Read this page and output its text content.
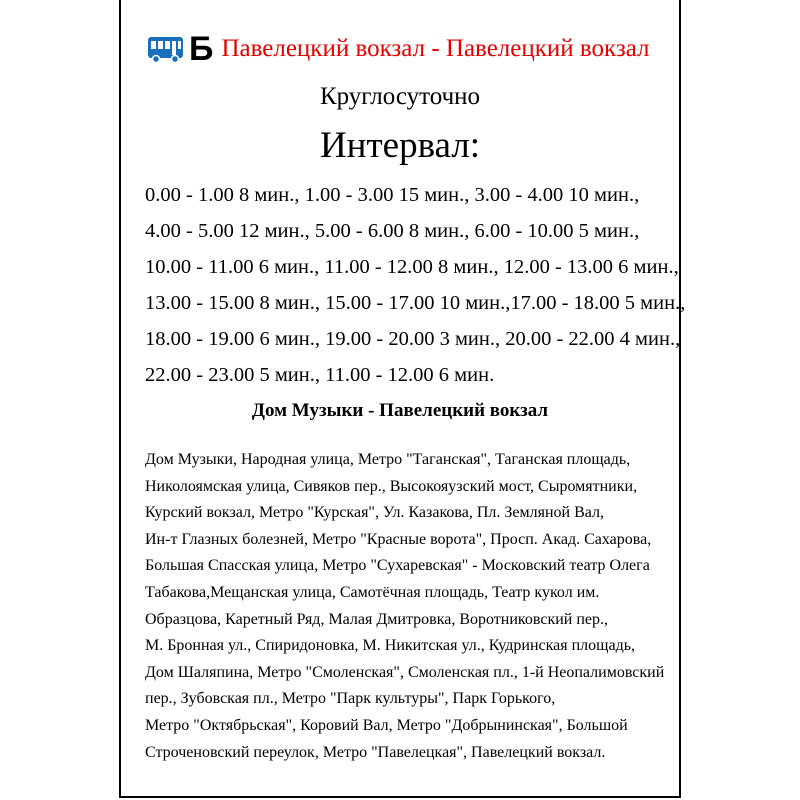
Б Павелецкий вокзал - Павелецкий вокзал
Круглосуточно
Интервал:
0.00 - 1.00 8 мин., 1.00 - 3.00 15 мин., 3.00 - 4.00 10 мин.,
4.00 - 5.00 12 мин., 5.00 - 6.00 8 мин., 6.00 - 10.00 5 мин.,
10.00 - 11.00 6 мин., 11.00 - 12.00 8 мин., 12.00 - 13.00 6 мин.,
13.00 - 15.00 8 мин., 15.00 - 17.00 10 мин.,17.00 - 18.00 5 мин.,
18.00 - 19.00 6 мин., 19.00 - 20.00 3 мин., 20.00 - 22.00 4 мин.,
22.00 - 23.00 5 мин., 11.00 - 12.00 6 мин.
Дом Музыки - Павелецкий вокзал
Дом Музыки, Народная улица, Метро "Таганская", Таганская площадь,
Николоямская улица, Сивяков пер., Высокояузский мост, Сыромятники,
Курский вокзал, Метро "Курская", Ул. Казакова, Пл. Земляной Вал,
Ин-т Глазных болезней, Метро "Красные ворота", Просп. Акад. Сахарова,
Большая Спасская улица, Метро "Сухаревская" - Московский театр Олега
Табакова,Мещанская улица, Самотёчная площадь, Театр кукол им.
Образцова, Каретный Ряд, Малая Дмитровка, Воротниковский пер.,
М. Бронная ул., Спиридоновка, М. Никитская ул., Кудринская площадь,
Дом Шаляпина, Метро "Смоленская", Смоленская пл., 1-й Неопалимовский
пер., Зубовская пл., Метро "Парк культуры", Парк Горького,
Метро "Октябрьская", Коровий Вал, Метро "Добрынинская", Большой
Строченовский переулок, Метро "Павелецкая", Павелецкий вокзал.
